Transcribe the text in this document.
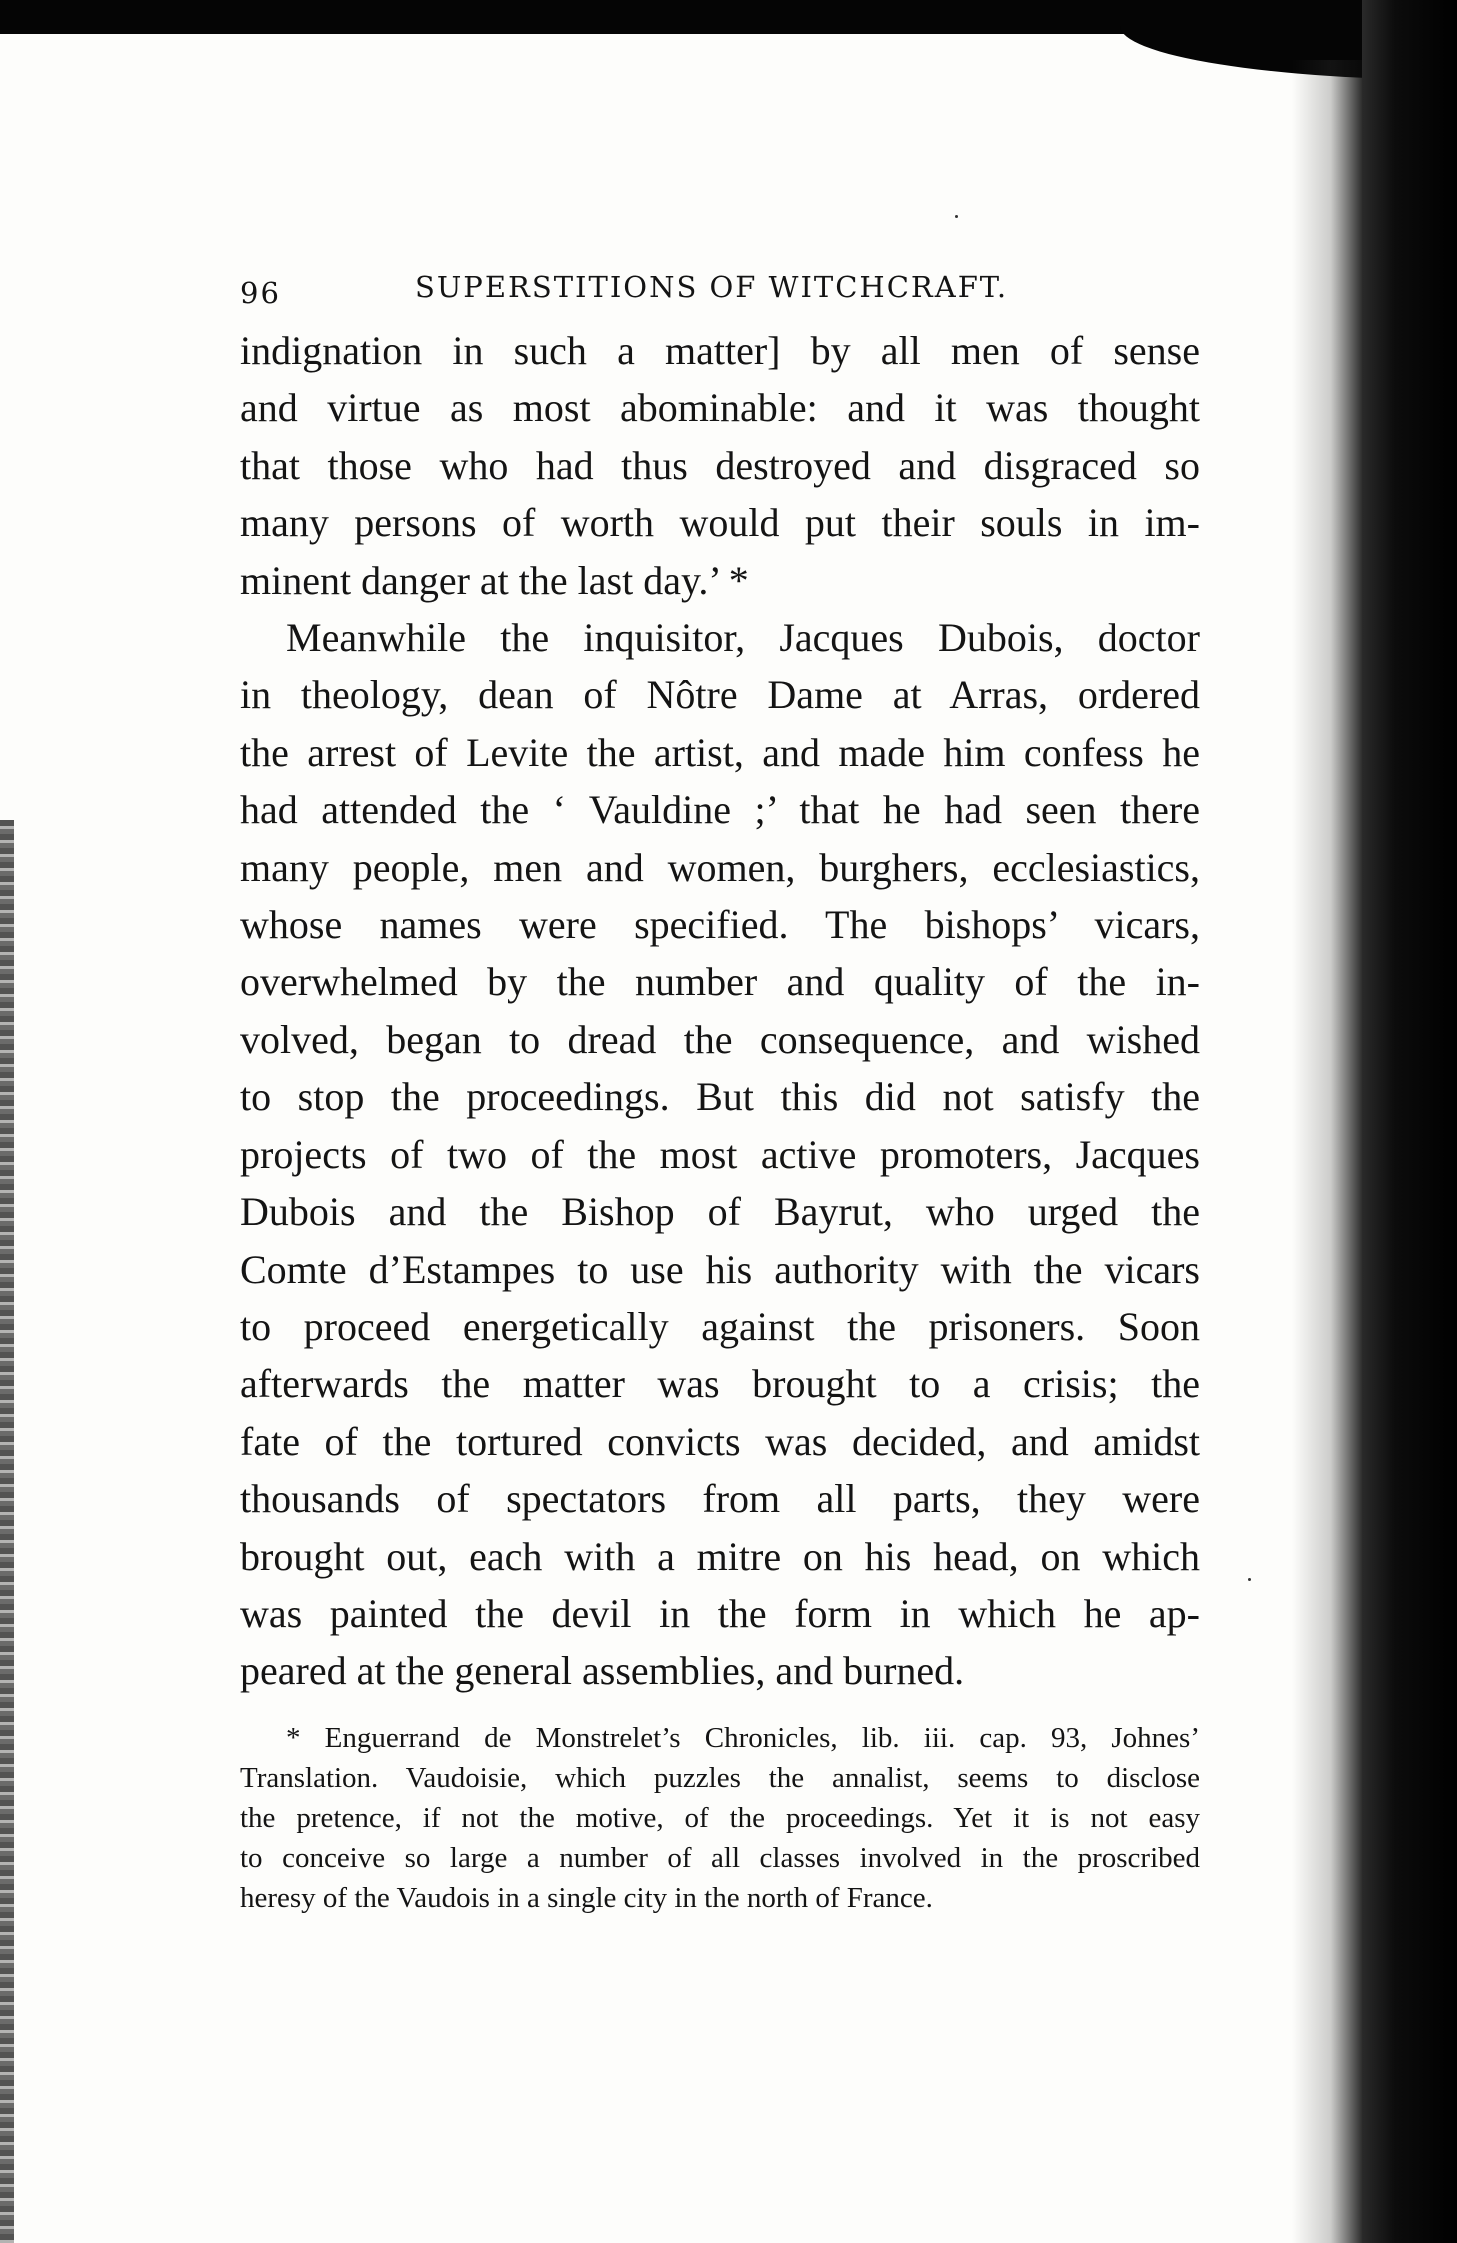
96	SUPERSTITIONS OF WITCHCRAFT.
indignation in such a matter] by all men of sense
and virtue as most abominable: and it was thought
that those who had thus destroyed and disgraced so
many persons of worth would put their souls in im-
minent danger at the last day.’ *
Meanwhile the inquisitor, Jacques Dubois, doctor
in theology, dean of Nôtre Dame at Arras, ordered
the arrest of Levite the artist, and made him confess he
had attended the ‘ Vauldine ;’ that he had seen there
many people, men and women, burghers, ecclesiastics,
whose names were specified. The bishops’ vicars,
overwhelmed by the number and quality of the in-
volved, began to dread the consequence, and wished
to stop the proceedings. But this did not satisfy the
projects of two of the most active promoters, Jacques
Dubois and the Bishop of Bayrut, who urged the
Comte d’Estampes to use his authority with the vicars
to proceed energetically against the prisoners. Soon
afterwards the matter was brought to a crisis; the
fate of the tortured convicts was decided, and amidst
thousands of spectators from all parts, they were
brought out, each with a mitre on his head, on which
was painted the devil in the form in which he ap-
peared at the general assemblies, and burned.
* Enguerrand de Monstrelet’s Chronicles, lib. iii. cap. 93, Johnes’
Translation. Vaudoisie, which puzzles the annalist, seems to disclose
the pretence, if not the motive, of the proceedings. Yet it is not easy
to conceive so large a number of all classes involved in the proscribed
heresy of the Vaudois in a single city in the north of France.
